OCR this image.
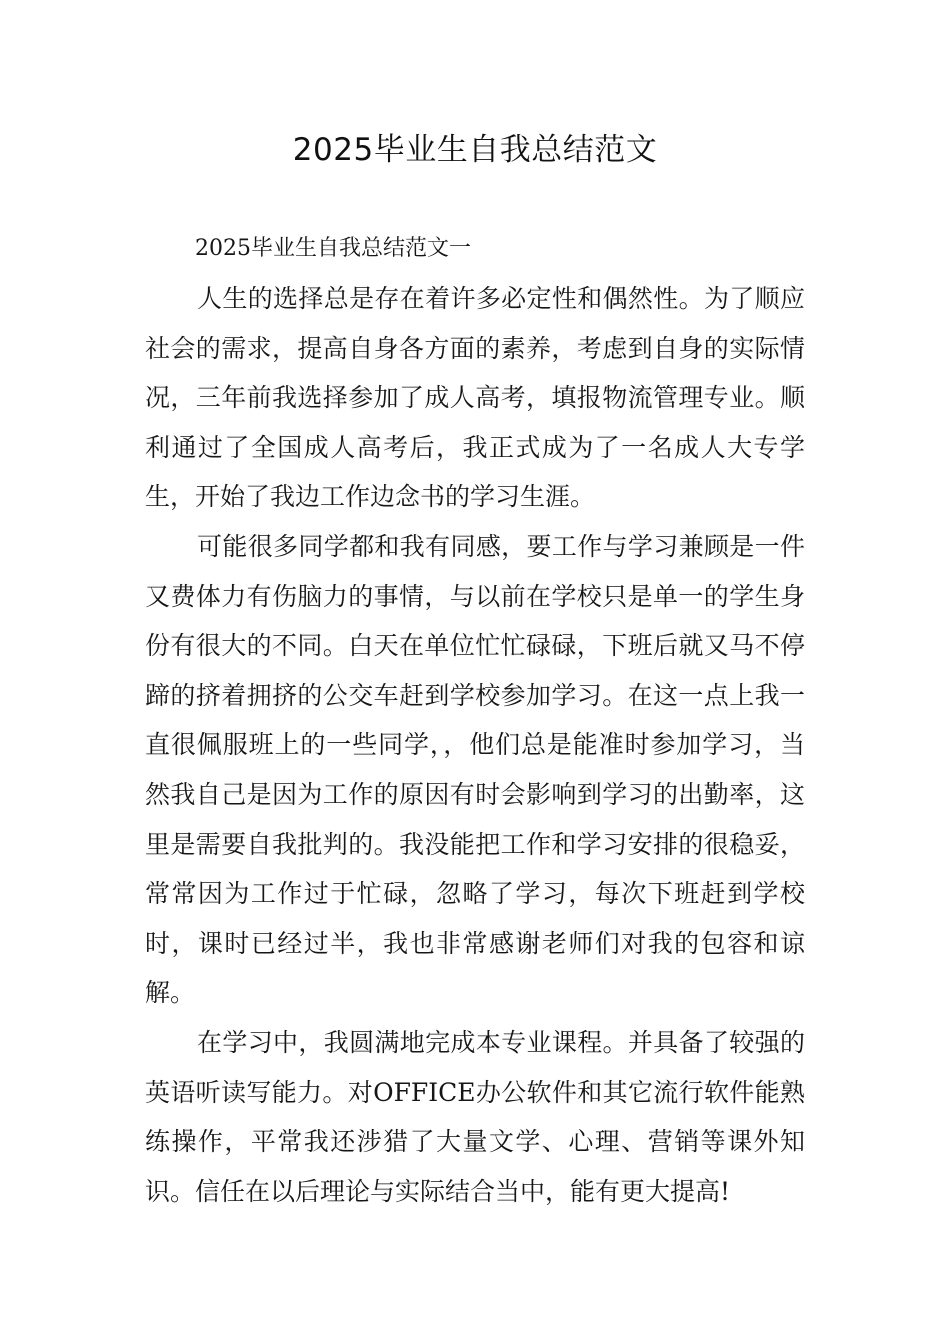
2025毕业生自我总结范文

2025毕业生自我总结范文一

人生的选择总是存在着许多必定性和偶然性。为了顺应社会的需求，提高自身各方面的素养，考虑到自身的实际情况，三年前我选择参加了成人高考，填报物流管理专业。顺利通过了全国成人高考后，我正式成为了一名成人大专学生，开始了我边工作边念书的学习生涯。

可能很多同学都和我有同感，要工作与学习兼顾是一件又费体力有伤脑力的事情，与以前在学校只是单一的学生身份有很大的不同。白天在单位忙忙碌碌，下班后就又马不停蹄的挤着拥挤的公交车赶到学校参加学习。在这一点上我一直很佩服班上的一些同学，，他们总是能准时参加学习，当然我自己是因为工作的原因有时会影响到学习的出勤率，这里是需要自我批判的。我没能把工作和学习安排的很稳妥，常常因为工作过于忙碌，忽略了学习，每次下班赶到学校时，课时已经过半，我也非常感谢老师们对我的包容和谅解。

在学习中，我圆满地完成本专业课程。并具备了较强的英语听读写能力。对OFFICE办公软件和其它流行软件能熟练操作，平常我还涉猎了大量文学、心理、营销等课外知识。信任在以后理论与实际结合当中，能有更大提高!
